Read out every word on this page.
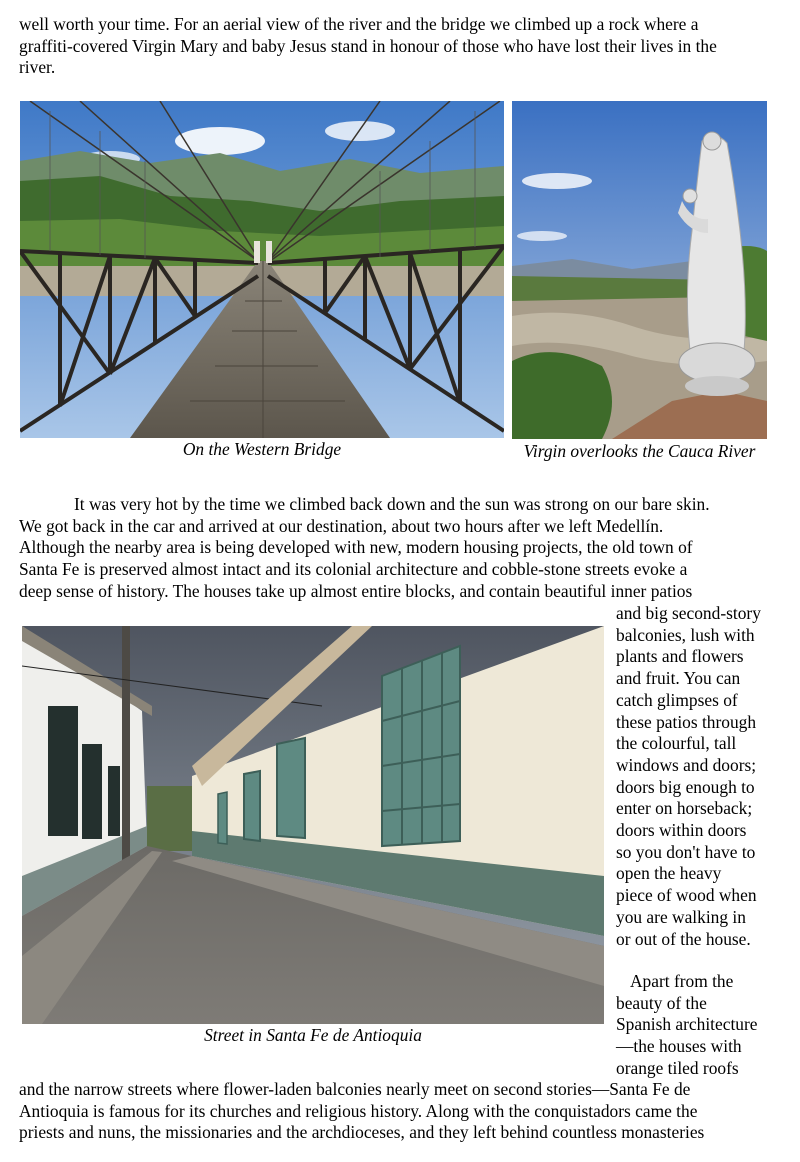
well worth your time. For an aerial view of the river and the bridge we climbed up a rock where a
graffiti-covered Virgin Mary and baby Jesus stand in honour of those who have lost their lives in the
river.
On the Western Bridge	Virgin overlooks the Cauca River
It was very hot by the time we climbed back down and the sun was strong on our bare skin.
We got back in the car and arrived at our destination, about two hours after we left Medellín.
Although the nearby area is being developed with new, modern housing projects, the old town of
Santa Fe is preserved almost intact and its colonial architecture and cobble-stone streets evoke a
deep sense of history. The houses take up almost entire blocks, and contain beautiful inner patios
Street in Santa Fe de Antioquia
and big second-story
balconies, lush with
plants and flowers
and fruit. You can
catch glimpses of
these patios through
the colourful, tall
windows and doors;
doors big enough to
enter on horseback;
doors within doors
so you don't have to
open the heavy
piece of wood when
you are walking in
or out of the house.
Apart from the
beauty of the
Spanish architecture
—the houses with
orange tiled roofs
and the narrow streets where flower-laden balconies nearly meet on second stories—Santa Fe de
Antioquia is famous for its churches and religious history. Along with the conquistadors came the
priests and nuns, the missionaries and the archdioceses, and they left behind countless monasteries
